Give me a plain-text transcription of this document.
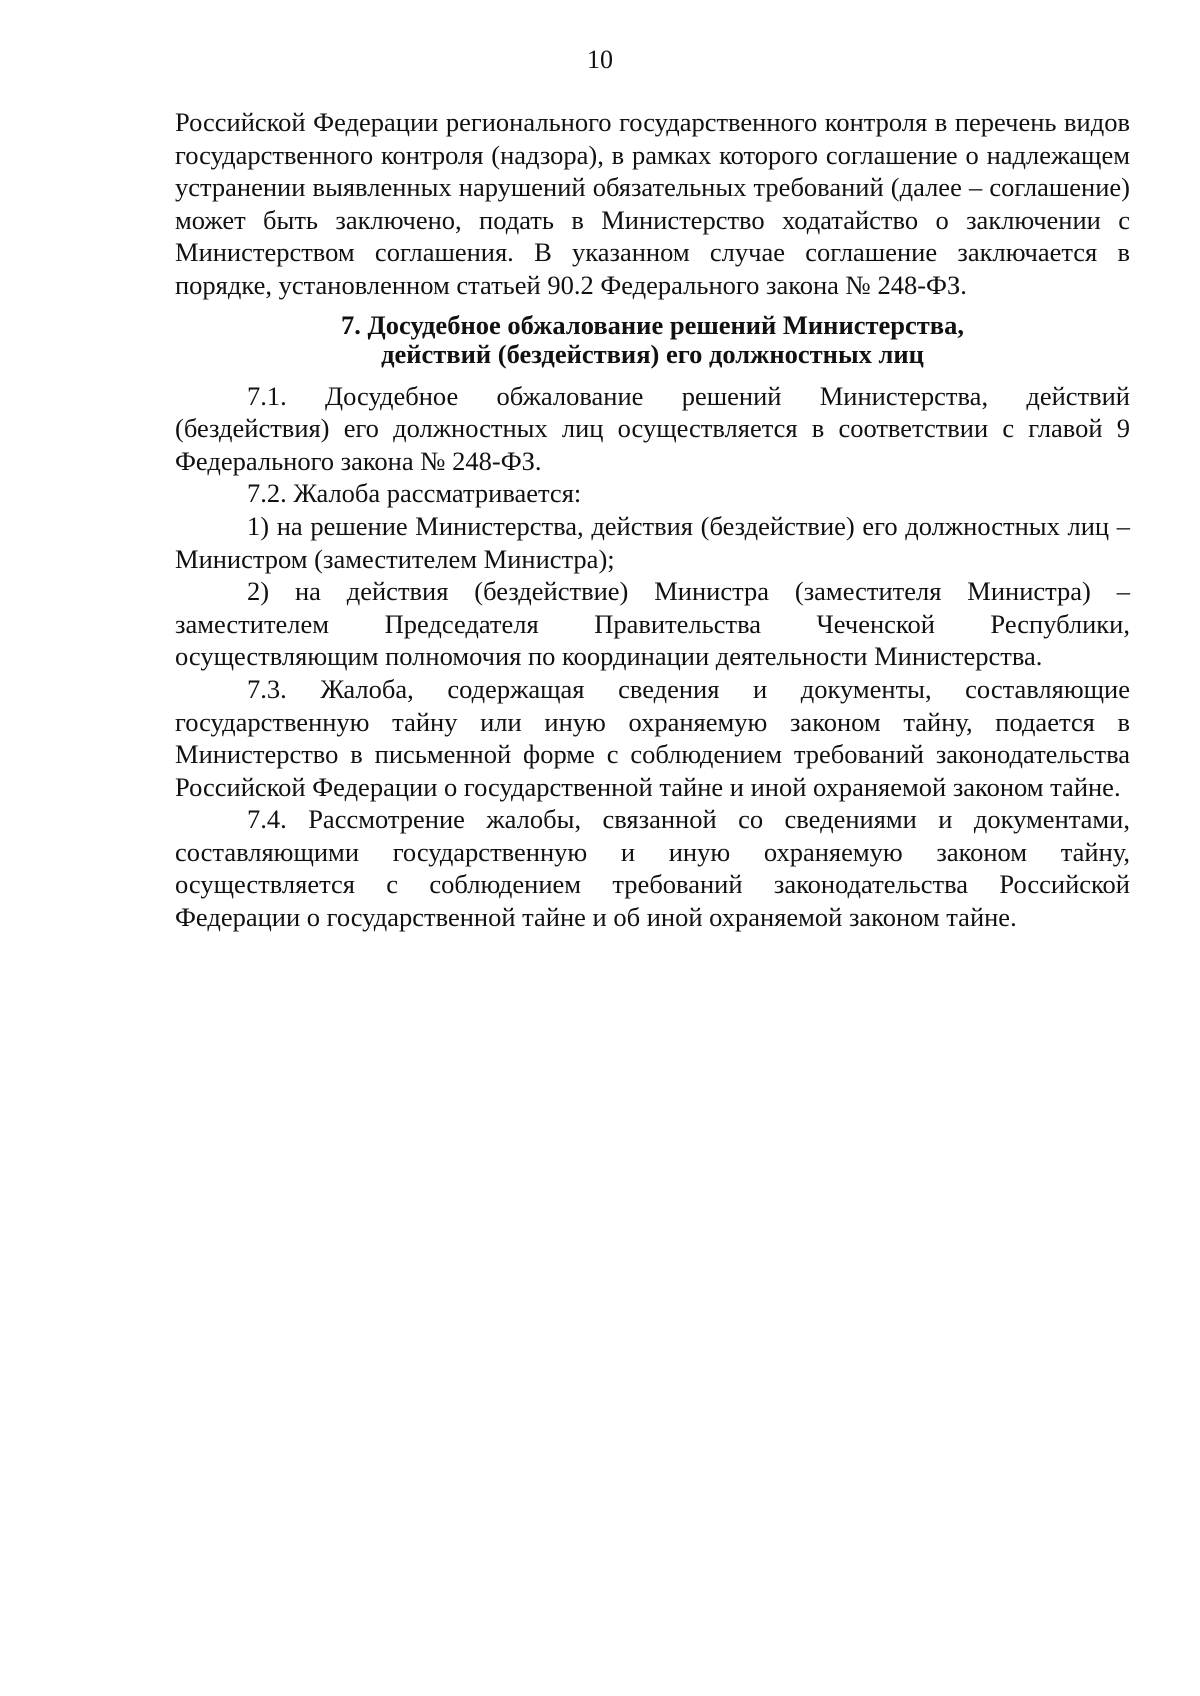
10

Российской Федерации регионального государственного контроля в перечень видов государственного контроля (надзора), в рамках которого соглашение о надлежащем устранении выявленных нарушений обязательных требований (далее – соглашение) может быть заключено, подать в Министерство ходатайство о заключении с Министерством соглашения. В указанном случае соглашение заключается в порядке, установленном статьей 90.2 Федерального закона № 248-ФЗ.

7. Досудебное обжалование решений Министерства,
действий (бездействия) его должностных лиц

7.1. Досудебное обжалование решений Министерства, действий (бездействия) его должностных лиц осуществляется в соответствии с главой 9 Федерального закона № 248-ФЗ.

7.2. Жалоба рассматривается:

1) на решение Министерства, действия (бездействие) его должностных лиц – Министром (заместителем Министра);

2) на действия (бездействие) Министра (заместителя Министра) – заместителем Председателя Правительства Чеченской Республики, осуществляющим полномочия по координации деятельности Министерства.

7.3. Жалоба, содержащая сведения и документы, составляющие государственную тайну или иную охраняемую законом тайну, подается в Министерство в письменной форме с соблюдением требований законодательства Российской Федерации о государственной тайне и иной охраняемой законом тайне.

7.4. Рассмотрение жалобы, связанной со сведениями и документами, составляющими государственную и иную охраняемую законом тайну, осуществляется с соблюдением требований законодательства Российской Федерации о государственной тайне и об иной охраняемой законом тайне.
